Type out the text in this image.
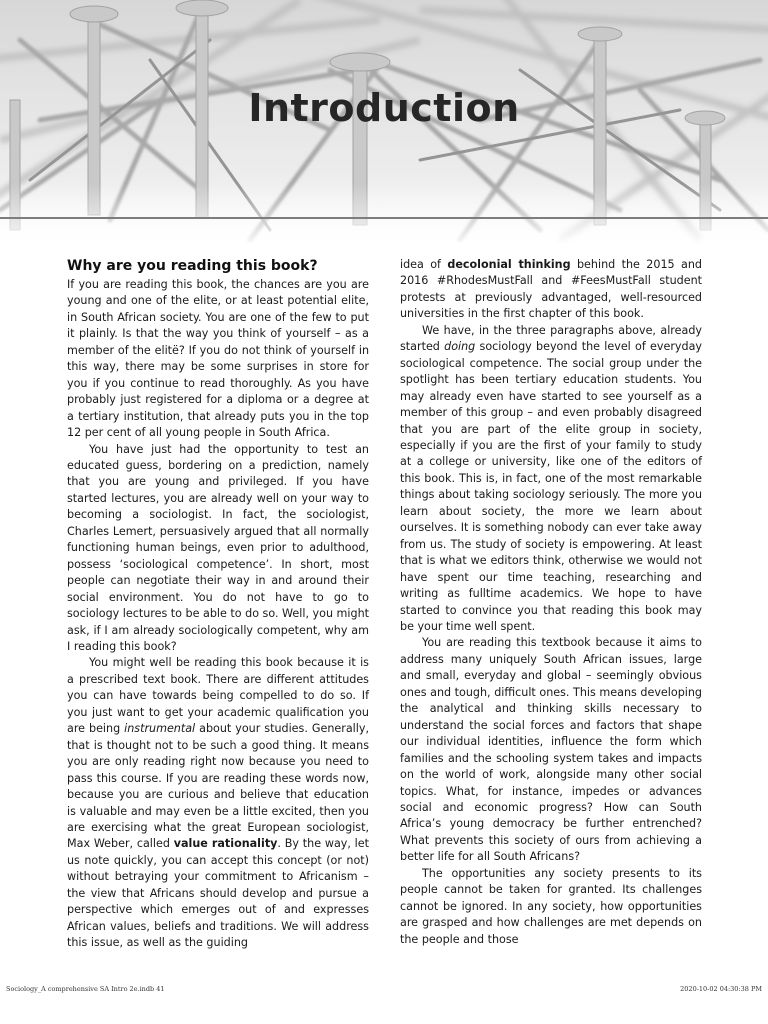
Introduction
Why are you reading this book?

If you are reading this book, the chances are you are young and one of the elite, or at least potential elite, in South African society. You are one of the few to put it plainly. Is that the way you think of yourself – as a member of the elitë? If you do not think of yourself in this way, there may be some surprises in store for you if you continue to read thoroughly. As you have probably just registered for a diploma or a degree at a tertiary institution, that already puts you in the top 12 per cent of all young people in South Africa.

You have just had the opportunity to test an educated guess, bordering on a prediction, namely that you are young and privileged. If you have started lectures, you are already well on your way to becoming a sociologist. In fact, the sociologist, Charles Lemert, persuasively argued that all normally functioning human beings, even prior to adulthood, possess ‘sociological competence’. In short, most people can negotiate their way in and around their social environment. You do not have to go to sociology lectures to be able to do so. Well, you might ask, if I am already sociologically competent, why am I reading this book?

You might well be reading this book because it is a prescribed text book. There are different attitudes you can have towards being compelled to do so. If you just want to get your academic qualification you are being instrumental about your studies. Generally, that is thought not to be such a good thing. It means you are only reading right now because you need to pass this course. If you are reading these words now, because you are curious and believe that education is valuable and may even be a little excited, then you are exercising what the great European sociologist, Max Weber, called value rationality. By the way, let us note quickly, you can accept this concept (or not) without betraying your commitment to Africanism – the view that Africans should develop and pursue a perspective which emerges out of and expresses African values, beliefs and traditions. We will address this issue, as well as the guiding

idea of decolonial thinking behind the 2015 and 2016 #RhodesMustFall and #FeesMustFall student protests at previously advantaged, well-resourced universities in the first chapter of this book.

We have, in the three paragraphs above, already started doing sociology beyond the level of everyday sociological competence. The social group under the spotlight has been tertiary education students. You may already even have started to see yourself as a member of this group – and even probably disagreed that you are part of the elite group in society, especially if you are the first of your family to study at a college or university, like one of the editors of this book. This is, in fact, one of the most remarkable things about taking sociology seriously. The more you learn about society, the more we learn about ourselves. It is something nobody can ever take away from us. The study of society is empowering. At least that is what we editors think, otherwise we would not have spent our time teaching, researching and writing as fulltime academics. We hope to have started to convince you that reading this book may be your time well spent.

You are reading this textbook because it aims to address many uniquely South African issues, large and small, everyday and global – seemingly obvious ones and tough, difficult ones. This means developing the analytical and thinking skills necessary to understand the social forces and factors that shape our individual identities, influence the form which families and the schooling system takes and impacts on the world of work, alongside many other social topics. What, for instance, impedes or advances social and economic progress? How can South Africa’s young democracy be further entrenched? What prevents this society of ours from achieving a better life for all South Africans?

The opportunities any society presents to its people cannot be taken for granted. Its challenges cannot be ignored. In any society, how opportunities are grasped and how challenges are met depends on the people and those

Sociology_A comprehensive SA Intro 2e.indb 41	2020-10-02 04:30:38 PM
